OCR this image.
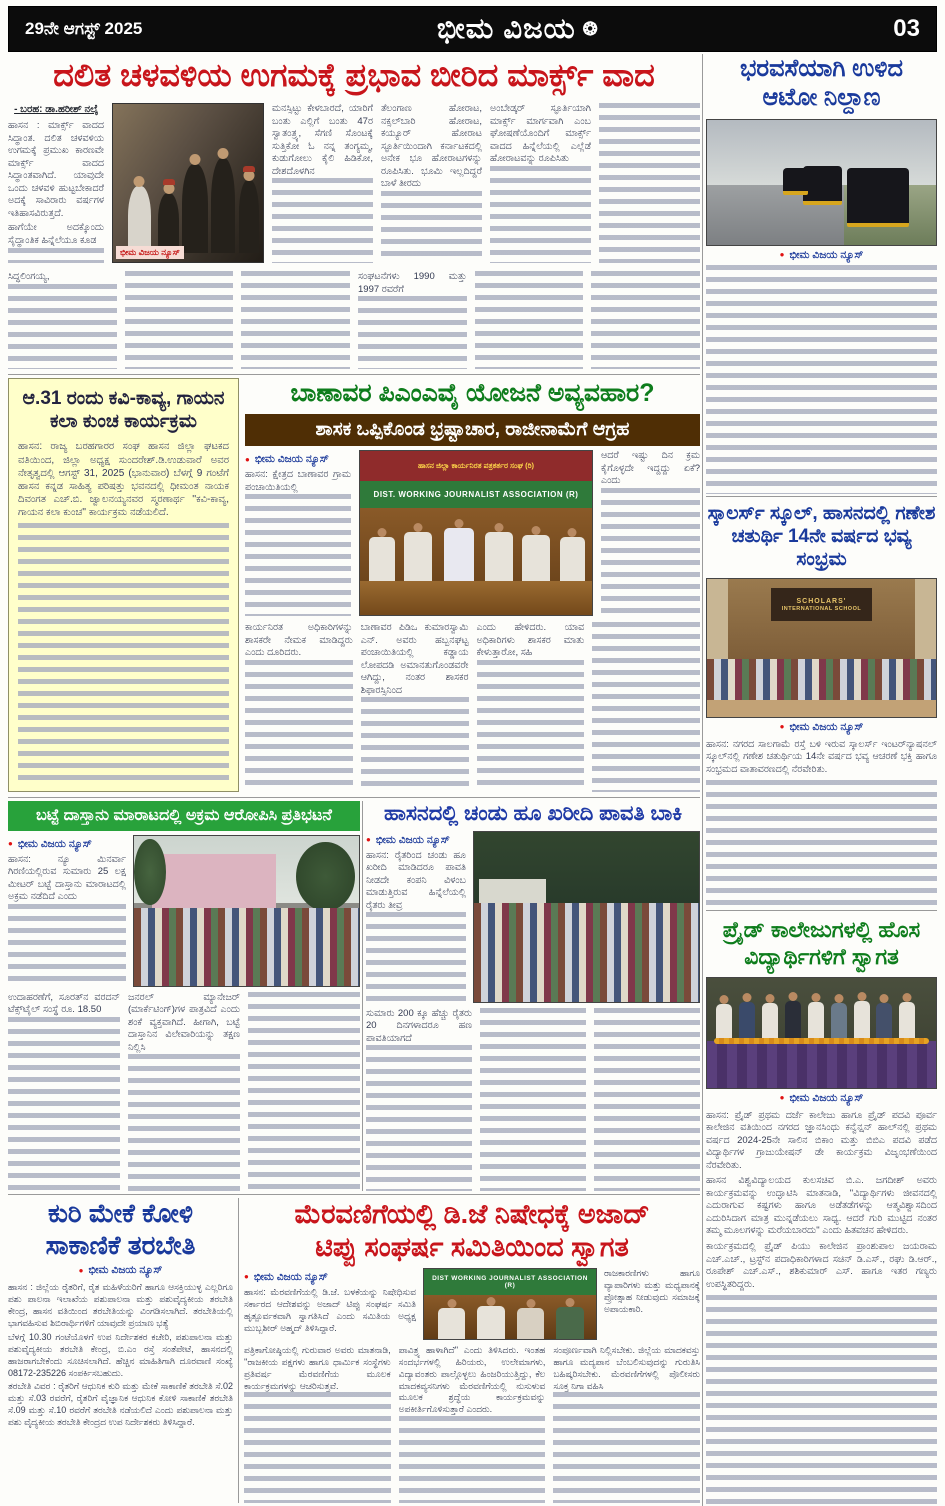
29ನೇ ಆಗಸ್ಟ್ 2025	ಭೀಮ ವಿಜಯ ❂	03
ದಲಿತ ಚಳವಳಿಯ ಉಗಮಕ್ಕೆ ಪ್ರಭಾವ ಬೀರಿದ ಮಾರ್ಕ್ಸ್ ವಾದ
- ಬರಹ: ಡಾ.ಹರೀಶ್ ನಲ್ಕೆ

ಹಾಸನ : ಮಾರ್ಕ್ಸ್ ವಾದದ ಸಿದ್ಧಾಂತ. ದಲಿತ ಚಳವಳಿಯ ಉಗಮಕ್ಕೆ ಪ್ರಮುಖ ಕಾರಣವೇ ಮಾರ್ಕ್ಸ್ ವಾದದ ಸಿದ್ಧಾಂತವಾಗಿದೆ. ಯಾವುದೇ ಒಂದು ಚಳವಳಿ ಹುಟ್ಟಬೇಕಾದರೆ ಅದಕ್ಕೆ ಸಾವಿರಾರು ವರ್ಷಗಳ ಇತಿಹಾಸವಿರುತ್ತದೆ.

ಹಾಗೆಯೇ ಅದಕ್ಕೊಂದು ಸೈದ್ಧಾಂತಿಕ ಹಿನ್ನೆಲೆಯೂ ಕೂಡ

ಭೀಮ ವಿಜಯ ನ್ಯೂಸ್

ಮನಸ್ಸಿಟ್ಟು ಕೇಳಬಾರದೆ, ಯಾರಿಗೆ ಬಂತು ಎಲ್ಲಿಗೆ ಬಂತು 47ರ ಸ್ವಾತಂತ್ರ್ಯ, ಸೆಗಣಿ ಸೊಂಟಕ್ಕೆ ಸುತ್ತಿಕೋ ಓ ನನ್ನ ತಂಗ್ಯಮ್ಮ, ಕುಡುಗೋಲು ಕೈಲಿ ಹಿಡಿಕೋ, ದೇಶದೊಳಗಿನ

ತೆಲಂಗಾಣ ಹೋರಾಟ, ನಕ್ಸಲ್‌ಬಾರಿ ಹೋರಾಟ, ಕಯ್ಯೂರ್ ಹೋರಾಟ ಸ್ಫೂರ್ತಿಯಿಂದಾಗಿ ಕರ್ನಾಟಕದಲ್ಲಿ ಅನೇಕ ಭೂ ಹೋರಾಟಗಳನ್ನು ರೂಪಿಸಿತು. ಭೂಮಿ ಇಲ್ಲದಿದ್ದರೆ ಬಾಳೆ ತೀರದು

ಅಂಬೇಡ್ಕರ್ ಸ್ಫೂರ್ತಿಯಾಗಿ ಮಾರ್ಕ್ಸ್ ಮಾರ್ಗವಾಗಿ ಎಂಬ ಘೋಷಣೆಯೊಂದಿಗೆ ಮಾರ್ಕ್ಸ್ ವಾದದ ಹಿನ್ನೆಲೆಯಲ್ಲಿ ಎಲ್ಲೆಡೆ ಹೋರಾಟವನ್ನು ರೂಪಿಸಿತು

ಸಿದ್ಧಲಿಂಗಯ್ಯ,	ಸಂಘಟನೆಗಳು 1990 ಮತ್ತು 1997 ರವರೆಗೆ

ಆ.31 ರಂದು ಕವಿ-ಕಾವ್ಯ, ಗಾಯನ
ಕಲಾ ಕುಂಚ ಕಾರ್ಯಕ್ರಮ

ಹಾಸನ: ರಾಜ್ಯ ಬರಹಗಾರರ ಸಂಘ ಹಾಸನ ಜಿಲ್ಲಾ ಘಟಕದ ವತಿಯಿಂದ, ಜಿಲ್ಲಾ ಅಧ್ಯಕ್ಷ ಸುಂದರೇಶ್.ಡಿ.ಉಡುವಾರೆ ಅವರ ನೇತೃತ್ವದಲ್ಲಿ ಆಗಸ್ಟ್ 31, 2025 (ಭಾನುವಾರ) ಬೆಳಗ್ಗೆ 9 ಗಂಟೆಗೆ ಹಾಸನ ಕನ್ನಡ ಸಾಹಿತ್ಯ ಪರಿಷತ್ತು ಭವನದಲ್ಲಿ ಧೀಮಂತ ನಾಯಕ ದಿವಂಗತ ಎಚ್.ಬಿ. ಜ್ವಾಲನಯ್ಯನವರ ಸ್ಮರಣಾರ್ಥ ''ಕವಿ-ಕಾವ್ಯ, ಗಾಯನ ಕಲಾ ಕುಂಚ'' ಕಾರ್ಯಕ್ರಮ ನಡೆಯಲಿದೆ.

ಬಾಣಾವರ ಪಿಎಂಎವೈ ಯೋಜನೆ ಅವ್ಯವಹಾರ?
ಶಾಸಕ ಒಪ್ಪಿಕೊಂಡ ಭ್ರಷ್ಟಾಚಾರ, ರಾಜೀನಾಮೆಗೆ ಆಗ್ರಹ
● ಭೀಮ ವಿಜಯ ನ್ಯೂಸ್

ಹಾಸನ: ಕ್ಷೇತ್ರದ ಬಾಣಾವರ ಗ್ರಾಮ ಪಂಚಾಯಿತಿಯಲ್ಲಿ

ಹಾಸನ ಜಿಲ್ಲಾ ಕಾರ್ಯನಿರತ ಪತ್ರಕರ್ತರ ಸಂಘ (ರಿ)
DIST. WORKING JOURNALIST ASSOCIATION (R)

ಆದರೆ ಇಷ್ಟು ದಿನ ಕ್ರಮ ಕೈಗೊಳ್ಳದೇ ಇದ್ದದ್ದು ಏಕೆ? ಎಂದು

ಕಾರ್ಯನಿರತ ಅಧಿಕಾರಿಗಳನ್ನು ಶಾಸಕರೇ ನೇಮಕ ಮಾಡಿದ್ದರು ಎಂದು ದೂರಿದರು.

ಬಾಣಾವರ ಪಿಡಿಒ ಕುಮಾರಸ್ವಾಮಿ ಎನ್. ಅವರು ಹಬ್ಬನಘಟ್ಟ ಪಂಚಾಯಿತಿಯಲ್ಲಿ ಕಡ್ಡಾಯ ಲೋಪದಡಿ ಅಮಾನತುಗೊಂಡವರೇ ಆಗಿದ್ದು, ನಂತರ ಶಾಸಕರ ಶಿಫಾರಸ್ಸಿನಿಂದ

ಎಂದು ಹೇಳಿದರು. ಯಾವ ಅಧಿಕಾರಿಗಳು ಶಾಸಕರ ಮಾತು ಕೇಳುತ್ತಾರೋ, ಸಹಿ

ಭರವಸೆಯಾಗಿ ಉಳಿದ
ಆಟೋ ನಿಲ್ದಾಣ
● ಭೀಮ ವಿಜಯ ನ್ಯೂಸ್
ಸ್ಕಾಲರ್ಸ್ ಸ್ಕೂಲ್, ಹಾಸನದಲ್ಲಿ ಗಣೇಶ
ಚತುರ್ಥಿ 14ನೇ ವರ್ಷದ ಭವ್ಯ ಸಂಭ್ರಮ
SCHOLARS'
INTERNATIONAL SCHOOL
● ಭೀಮ ವಿಜಯ ನ್ಯೂಸ್

ಹಾಸನ: ನಗರದ ಸಾಲಗಾಮೆ ರಸ್ತೆ ಬಳಿ ಇರುವ ಸ್ಕಾಲರ್ಸ್ ಇಂಟರ್‌ನ್ಯಾಷನಲ್ ಸ್ಕೂಲ್‌ನಲ್ಲಿ ಗಣೇಶ ಚತುರ್ಥಿಯ 14ನೇ ವರ್ಷದ ಭವ್ಯ ಆಚರಣೆ ಭಕ್ತಿ ಹಾಗೂ ಸಂಭ್ರಮದ ವಾತಾವರಣದಲ್ಲಿ ನೆರವೇರಿತು.

ಪ್ರೈಡ್ ಕಾಲೇಜುಗಳಲ್ಲಿ ಹೊಸ
ವಿದ್ಯಾರ್ಥಿಗಳಿಗೆ ಸ್ವಾಗತ
● ಭೀಮ ವಿಜಯ ನ್ಯೂಸ್

ಹಾಸನ: ಪ್ರೈಡ್ ಪ್ರಥಮ ದರ್ಜೆ ಕಾಲೇಜು ಹಾಗೂ ಪ್ರೈಡ್ ಪದವಿ ಪೂರ್ವ ಕಾಲೇಜಿನ ವತಿಯಿಂದ ನಗರದ ಜ್ಞಾನಸಿಂಧು ಕನ್ವೆನ್ಷನ್ ಹಾಲ್‌ನಲ್ಲಿ ಪ್ರಥಮ ವರ್ಷದ 2024-25ನೇ ಸಾಲಿನ ಬಿಕಾಂ ಮತ್ತು ಬಿಬಿಎ ಪದವಿ ಪಡೆದ ವಿದ್ಯಾರ್ಥಿಗಳ ಗ್ರಾಜುಯೇಷನ್ ಡೇ ಕಾರ್ಯಕ್ರಮ ವಿಜೃಂಭಣೆಯಿಂದ ನೆರವೇರಿತು.

ಹಾಸನ ವಿಶ್ವವಿದ್ಯಾಲಯದ ಕುಲಸಚಿವ ಬಿ.ಎ. ಜಗದೀಶ್ ಅವರು ಕಾರ್ಯಕ್ರಮವನ್ನು ಉದ್ಘಾಟಿಸಿ ಮಾತನಾಡಿ, ''ವಿದ್ಯಾರ್ಥಿಗಳು ಜೀವನದಲ್ಲಿ ಎದುರಾಗುವ ಕಷ್ಟಗಳು ಹಾಗೂ ಅಡೆತಡೆಗಳನ್ನು ಆತ್ಮವಿಶ್ವಾಸದಿಂದ ಎದುರಿಸಿದಾಗ ಮಾತ್ರ ಮುನ್ನಡೆಯಲು ಸಾಧ್ಯ. ಆದರೆ ಗುರಿ ಮುಟ್ಟಿದ ನಂತರ ತಮ್ಮ ಮೂಲಗಳನ್ನು ಮರೆಯಬಾರದು'' ಎಂದು ಹಿತವಚನ ಹೇಳಿದರು.

ಕಾರ್ಯಕ್ರಮದಲ್ಲಿ ಪ್ರೈಡ್ ಪಿಯು ಕಾಲೇಜಿನ ಪ್ರಾಂಶುಪಾಲ ಜಯರಾಮ ಎಚ್.ಎಚ್., ಟ್ರಸ್ಟ್‌ನ ಪದಾಧಿಕಾರಿಗಳಾದ ಸಚಿನ್ ಡಿ.ಎಸ್., ರಘು ಡಿ.ಆರ್., ರೂಪೇಶ್ ಎಚ್.ಎಸ್., ಶಶಿಕುಮಾರ್ ಎಸ್. ಹಾಗೂ ಇತರ ಗಣ್ಯರು ಉಪಸ್ಥಿತರಿದ್ದರು.

ಬಟ್ಟೆ ದಾಸ್ತಾನು ಮಾರಾಟದಲ್ಲಿ ಅಕ್ರಮ ಆರೋಪಿಸಿ ಪ್ರತಿಭಟನೆ
● ಭೀಮ ವಿಜಯ ನ್ಯೂಸ್

ಹಾಸನ: ನ್ಯೂ ಮಿನರ್ವಾ ಗಿರಣಿಯಲ್ಲಿರುವ ಸುಮಾರು 25 ಲಕ್ಷ ಮೀಟರ್ ಬಟ್ಟೆ ದಾಸ್ತಾನು ಮಾರಾಟದಲ್ಲಿ ಅಕ್ರಮ ನಡೆದಿದೆ ಎಂದು

ಉದಾಹರಣೆಗೆ, ಸೂರತ್‌ನ ವರದನ್ ಟೆಕ್ಸ್‌ಟೈಲ್ ಸಂಸ್ಥೆ ರೂ. 18.50

ಜನರಲ್ ಮ್ಯಾನೇಜರ್ (ಮಾರ್ಕೆಟಿಂಗ್)ಗಳ ಪಾತ್ರವಿದೆ ಎಂದು ಶಂಕೆ ವ್ಯಕ್ತವಾಗಿದೆ. ಹೀಗಾಗಿ, ಬಟ್ಟೆ ದಾಸ್ತಾನಿನ ವಿಲೇವಾರಿಯನ್ನು ತಕ್ಷಣ ನಿಲ್ಲಿಸಿ

ಹಾಸನದಲ್ಲಿ ಚಂಡು ಹೂ ಖರೀದಿ ಪಾವತಿ ಬಾಕಿ
● ಭೀಮ ವಿಜಯ ನ್ಯೂಸ್

ಹಾಸನ: ರೈತರಿಂದ ಚಂಡು ಹೂ ಖರೀದಿ ಮಾಡಿದರೂ ಪಾವತಿ ನೀಡದೇ ಕಂಪನಿ ವಿಳಂಬ ಮಾಡುತ್ತಿರುವ ಹಿನ್ನೆಲೆಯಲ್ಲಿ ರೈತರು ತೀವ್ರ

ಸುಮಾರು 200 ಕ್ಕೂ ಹೆಚ್ಚು ರೈತರು 20 ದಿನಗಳಾದರೂ ಹಣ ಪಾವತಿಯಾಗದೆ

ಕುರಿ ಮೇಕೆ ಕೋಳಿ
ಸಾಕಾಣಿಕೆ ತರಬೇತಿ
● ಭೀಮ ವಿಜಯ ನ್ಯೂಸ್

ಹಾಸನ : ಜಿಲ್ಲೆಯ ರೈತರಿಗೆ, ರೈತ ಮಹಿಳೆಯರಿಗೆ ಹಾಗೂ ಆಸಕ್ತಿಯುಳ್ಳ ಎಲ್ಲರಿಗೂ ಪಶು ಪಾಲನಾ ಇಲಾಖೆಯ ಪಶುಪಾಲನಾ ಮತ್ತು ಪಶುವೈದ್ಯಕೀಯ ತರಬೇತಿ ಕೇಂದ್ರ, ಹಾಸನ ವತಿಯಿಂದ ತರಬೇತಿಯನ್ನು ವಿಂಗಡಿಸಲಾಗಿದೆ. ತರಬೇತಿಯಲ್ಲಿ ಭಾಗವಹಿಸುವ ಶಿಬಿರಾರ್ಥಿಗಳಿಗೆ ಯಾವುದೇ ಪ್ರಯಾಣ ಭತ್ಯೆ

ಬೆಳಗ್ಗೆ 10.30 ಗಂಟೆಯೊಳಗೆ ಉಪ ನಿರ್ದೇಶಕರ ಕಚೇರಿ, ಪಶುಪಾಲನಾ ಮತ್ತು ಪಶುವೈದ್ಯಕೀಯ ತರಬೇತಿ ಕೇಂದ್ರ, ಬಿ.ಎಂ ರಸ್ತೆ ಸಂತೆಪೇಟೆ, ಹಾಸನದಲ್ಲಿ ಹಾಜರಾಗಬೇಕೆಂದು ಸೂಚಿಸಲಾಗಿದೆ. ಹೆಚ್ಚಿನ ಮಾಹಿತಿಗಾಗಿ ದೂರವಾಣಿ ಸಂಖ್ಯೆ 08172-235226 ಸಂಪರ್ಕಿಸಬಹುದು.

ತರಬೇತಿ ವಿವರ : ರೈತರಿಗೆ ಆಧುನಿಕ ಕುರಿ ಮತ್ತು ಮೇಕೆ ಸಾಕಾಣಿಕೆ ತರಬೇತಿ ಸೆ.02 ಮತ್ತು ಸೆ.03 ರವರೆಗೆ, ರೈತರಿಗೆ ವೈಜ್ಞಾನಿಕ ಆಧುನಿಕ ಕೋಳಿ ಸಾಕಾಣಿಕೆ ತರಬೇತಿ ಸೆ.09 ಮತ್ತು ಸೆ.10 ರವರೆಗೆ ತರಬೇತಿ ನಡೆಯಲಿದೆ ಎಂದು ಪಶುಪಾಲನಾ ಮತ್ತು ಪಶು ವೈದ್ಯಕೀಯ ತರಬೇತಿ ಕೇಂದ್ರದ ಉಪ ನಿರ್ದೇಶಕರು ತಿಳಿಸಿದ್ದಾರೆ.

ಮೆರವಣಿಗೆಯಲ್ಲಿ ಡಿ.ಜೆ ನಿಷೇಧಕ್ಕೆ ಅಜಾದ್
ಟಿಪ್ಪು ಸಂಘರ್ಷ ಸಮಿತಿಯಿಂದ ಸ್ವಾಗತ
● ಭೀಮ ವಿಜಯ ನ್ಯೂಸ್

ಹಾಸನ: ಮೆರವಣಿಗೆಯಲ್ಲಿ ಡಿ.ಜೆ. ಬಳಕೆಯನ್ನು ನಿಷೇಧಿಸುವ ಸರ್ಕಾರದ ಆದೇಶವನ್ನು ಅಜಾದ್ ಟಿಪ್ಪು ಸಂಘರ್ಷ ಸಮಿತಿ ಹೃತ್ಪೂರ್ವಕವಾಗಿ ಸ್ವಾಗತಿಸಿದೆ ಎಂದು ಸಮಿತಿಯ ಅಧ್ಯಕ್ಷ ಮುಬ್ಬಶೀರ್ ಅಹ್ಮದ್ ತಿಳಿಸಿದ್ದಾರೆ.

DIST WORKING JOURNALIST ASSOCIATION (R)

ರಾಜಕಾರಣಿಗಳು ಹಾಗೂ ವ್ಯಾಪಾರಿಗಳು ಮತ್ತು ಮಧ್ಯಪಾನಕ್ಕೆ ಪ್ರೋತ್ಸಾಹ ನೀಡುವುದು ಸಮಾಜಕ್ಕೆ ಅಪಾಯಕಾರಿ.

ಪತ್ರಿಕಾಗೋಷ್ಠಿಯಲ್ಲಿ ಗುರುವಾರ ಅವರು ಮಾತನಾಡಿ, ''ರಾಜಕೀಯ ಪಕ್ಷಗಳು ಹಾಗೂ ಧಾರ್ಮಿಕ ಸಂಸ್ಥೆಗಳು ಪ್ರತಿವರ್ಷ ಮೆರವಣಿಗೆಯ ಮೂಲಕ ಕಾರ್ಯಕ್ರಮಗಳನ್ನು ಆಚರಿಸುತ್ತವೆ.

ಪಾವಿತ್ರ್ಯ ಹಾಳಾಗಿದೆ'' ಎಂದು ತಿಳಿಸಿದರು. ಇಂತಹ ಸಂದರ್ಭಗಳಲ್ಲಿ ಹಿರಿಯರು, ಉಲೇಮಾಗಳು, ವಿದ್ಯಾವಂತರು ಪಾಲ್ಗೊಳ್ಳಲು ಹಿಂಜರಿಯುತ್ತಿದ್ದು, ಕೆಲ ಮಾದಕವ್ಯಸನಿಗಳು ಮೆರವಣಿಗೆಯಲ್ಲಿ ನುಸುಳುವ ಮೂಲಕ ಶ್ರದ್ಧೆಯ ಕಾರ್ಯಕ್ರಮವನ್ನು ಅಪಕೀರ್ತಿಗೊಳಿಸುತ್ತಾರೆ ಎಂದರು.

ಸಂಪೂರ್ಣವಾಗಿ ನಿಲ್ಲಿಸಬೇಕು. ಜಿಲ್ಲೆಯ ಮಾದಕವಸ್ತು ಹಾಗೂ ಮದ್ಯಪಾನ ಬೆಂಬಲಿಸುವುದನ್ನು ಗುರುತಿಸಿ ಬಹಿಷ್ಕರಿಸಬೇಕು. ಮೆರವಣಿಗೆಗಳಲ್ಲಿ ಪೊಲೀಸರು ಸೂಕ್ತ ನಿಗಾ ವಹಿಸಿ
